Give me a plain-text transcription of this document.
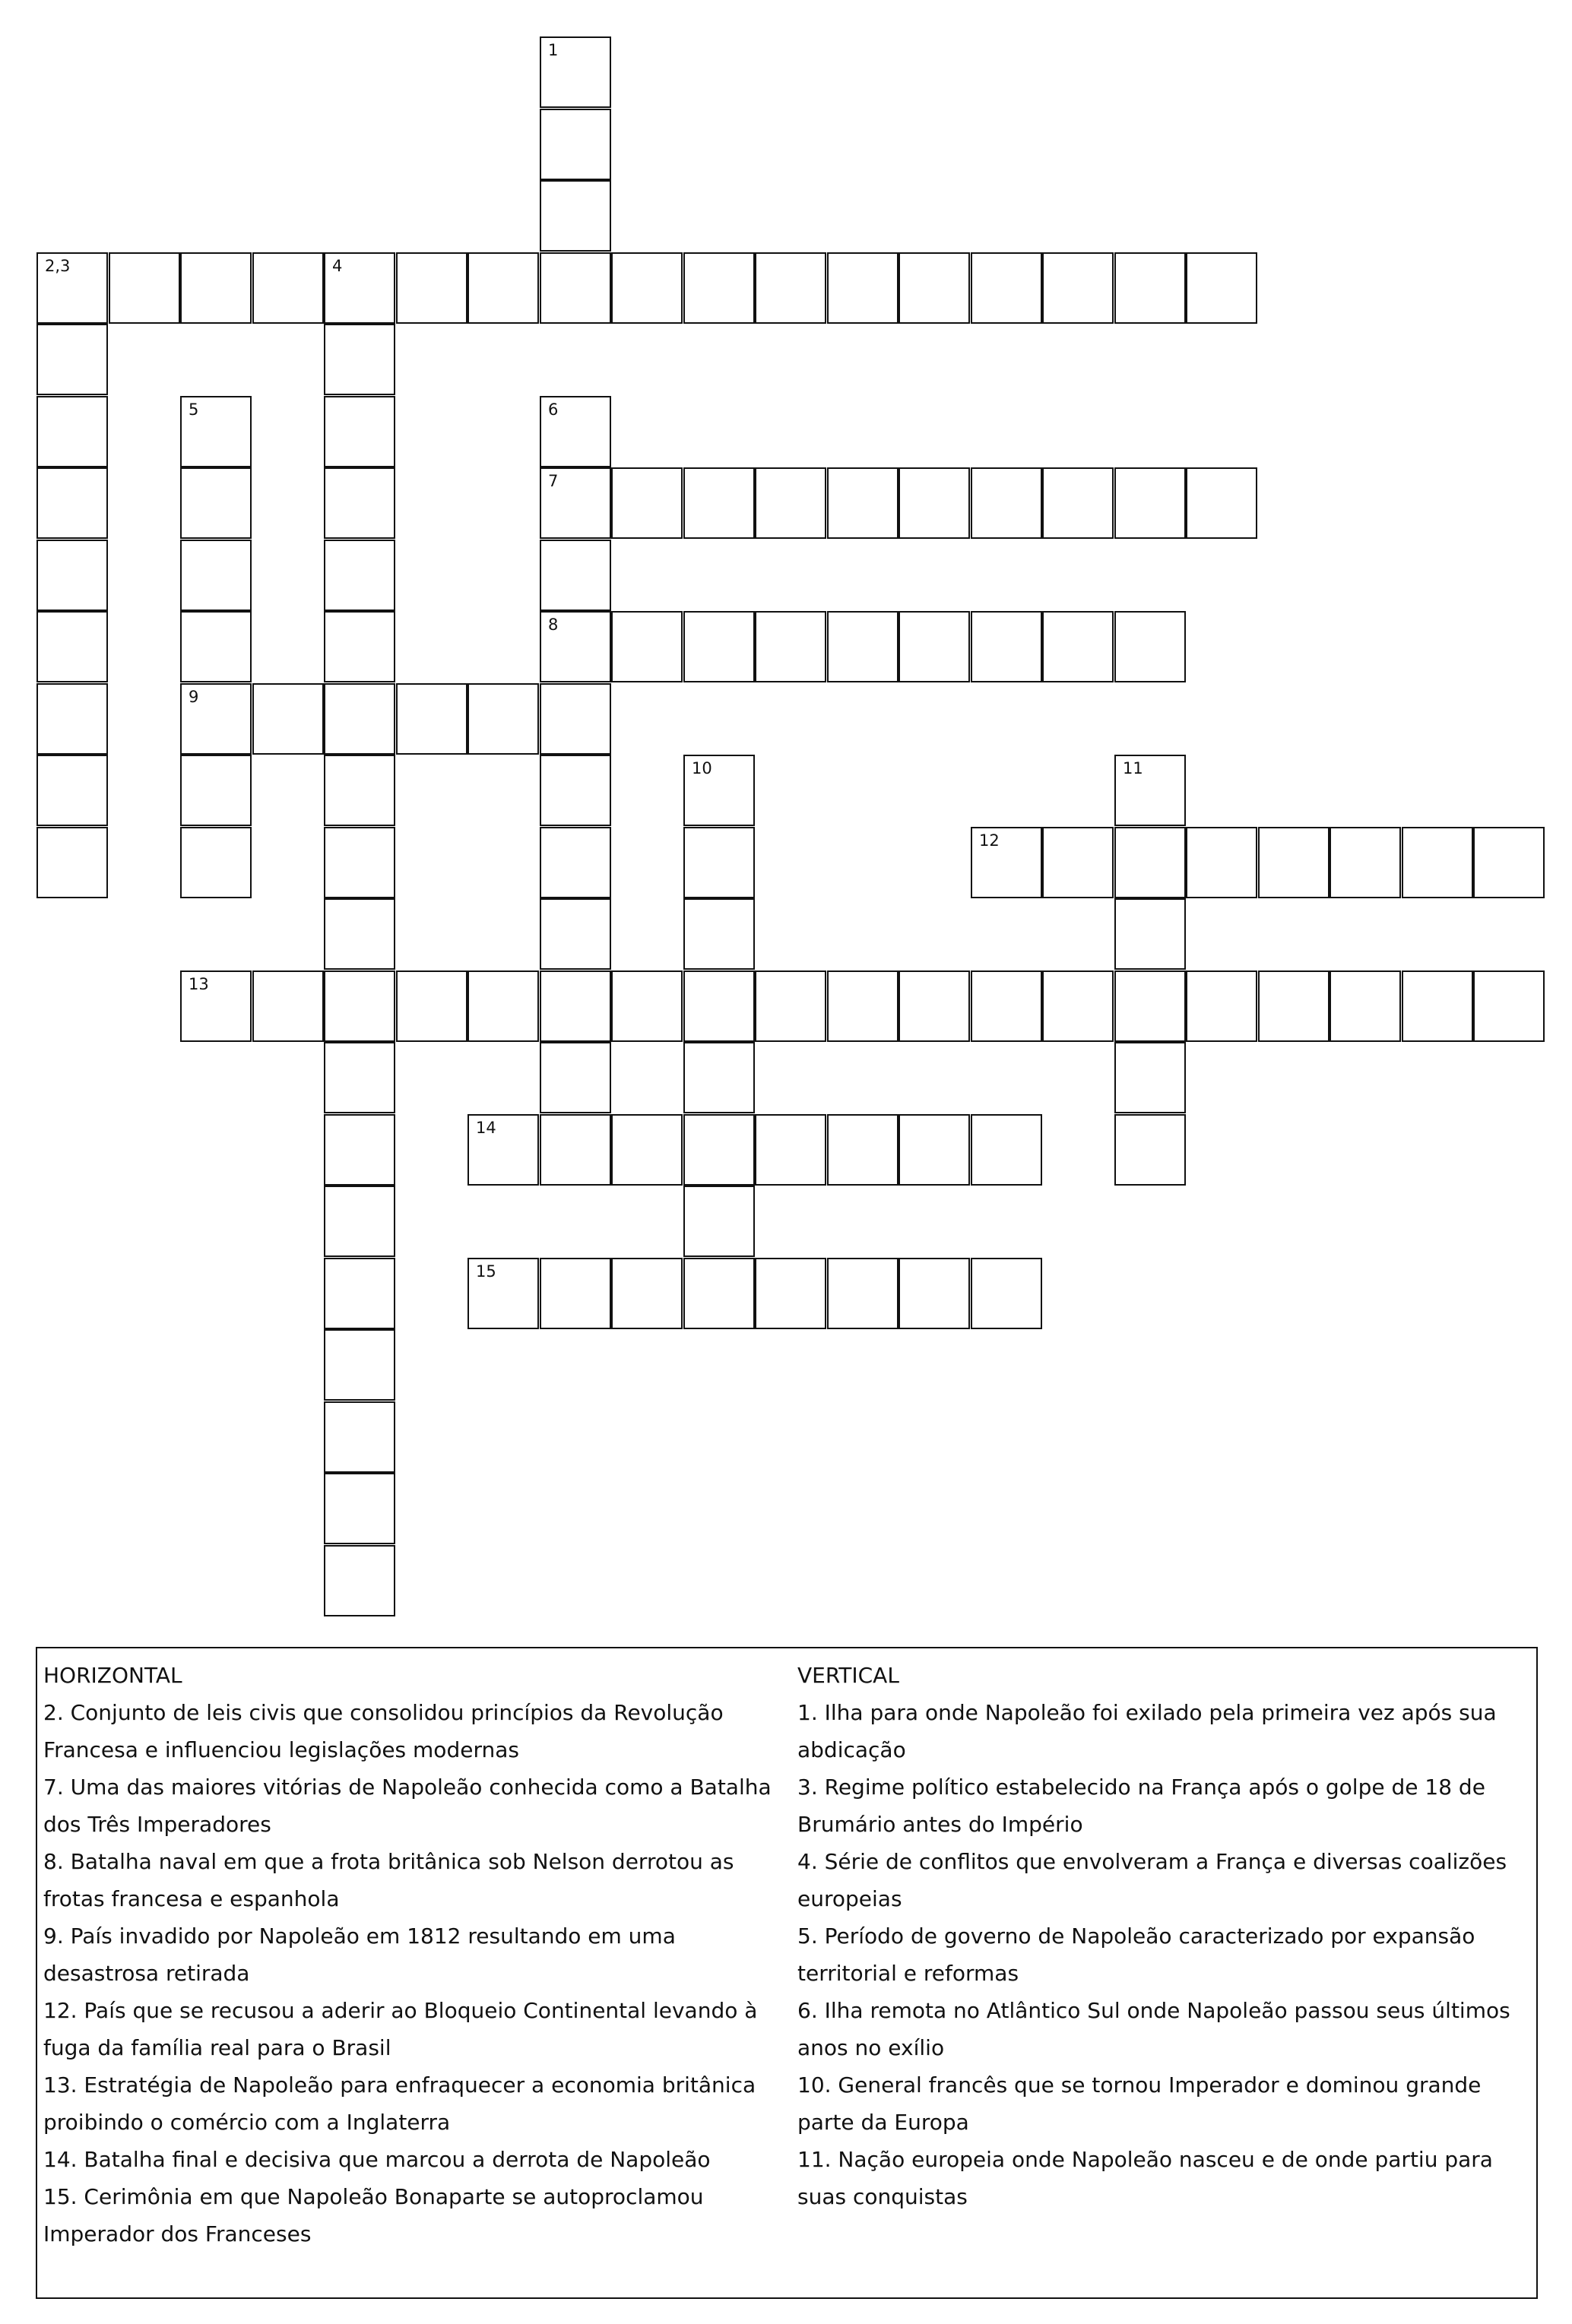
1
2,3	4
5
9
6
7
8
10	11
12
13
14
15
HORIZONTAL
2. Conjunto de leis civis que consolidou princípios da Revolução Francesa e influenciou legislações modernas
7. Uma das maiores vitórias de Napoleão conhecida como a Batalha dos Três Imperadores
8. Batalha naval em que a frota britânica sob Nelson derrotou as frotas francesa e espanhola
9. País invadido por Napoleão em 1812 resultando em uma desastrosa retirada
12. País que se recusou a aderir ao Bloqueio Continental levando à fuga da família real para o Brasil
13. Estratégia de Napoleão para enfraquecer a economia britânica proibindo o comércio com a Inglaterra
14. Batalha final e decisiva que marcou a derrota de Napoleão
15. Cerimônia em que Napoleão Bonaparte se autoproclamou Imperador dos Franceses
VERTICAL
1. Ilha para onde Napoleão foi exilado pela primeira vez após sua abdicação
3. Regime político estabelecido na França após o golpe de 18 de Brumário antes do Império
4. Série de conflitos que envolveram a França e diversas coalizões europeias
5. Período de governo de Napoleão caracterizado por expansão territorial e reformas
6. Ilha remota no Atlântico Sul onde Napoleão passou seus últimos anos no exílio
10. General francês que se tornou Imperador e dominou grande parte da Europa
11. Nação europeia onde Napoleão nasceu e de onde partiu para suas conquistas
